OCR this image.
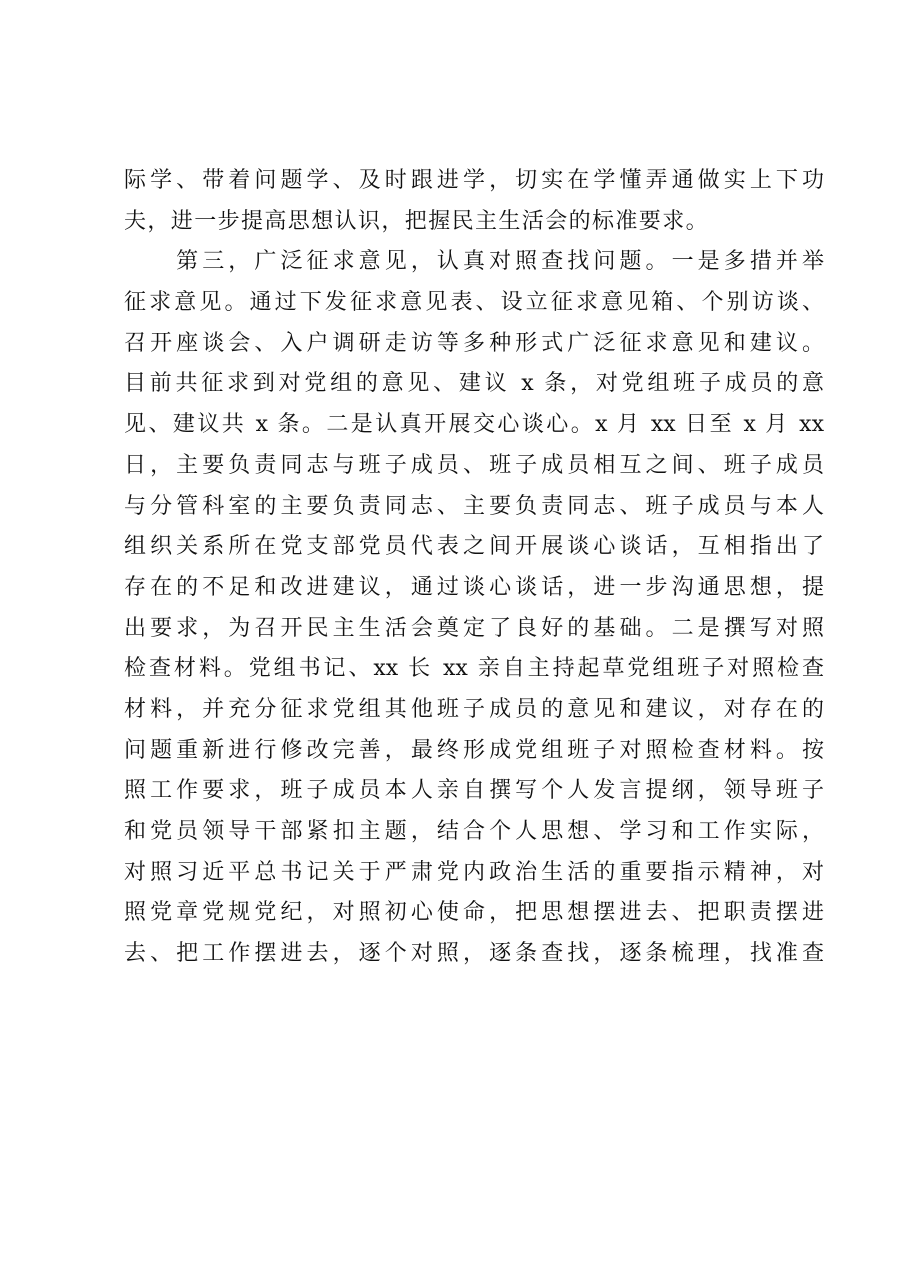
际学、带着问题学、及时跟进学，切实在学懂弄通做实上下功
夫，进一步提高思想认识，把握民主生活会的标准要求。
　　第三，广泛征求意见，认真对照查找问题。一是多措并举
征求意见。通过下发征求意见表、设立征求意见箱、个别访谈、
召开座谈会、入户调研走访等多种形式广泛征求意见和建议。
目前共征求到对党组的意见、建议 x 条，对党组班子成员的意
见、建议共 x 条。二是认真开展交心谈心。x 月 xx 日至 x 月 xx
日，主要负责同志与班子成员、班子成员相互之间、班子成员
与分管科室的主要负责同志、主要负责同志、班子成员与本人
组织关系所在党支部党员代表之间开展谈心谈话，互相指出了
存在的不足和改进建议，通过谈心谈话，进一步沟通思想，提
出要求，为召开民主生活会奠定了良好的基础。二是撰写对照
检查材料。党组书记、xx 长 xx 亲自主持起草党组班子对照检查
材料，并充分征求党组其他班子成员的意见和建议，对存在的
问题重新进行修改完善，最终形成党组班子对照检查材料。按
照工作要求，班子成员本人亲自撰写个人发言提纲，领导班子
和党员领导干部紧扣主题，结合个人思想、学习和工作实际，
对照习近平总书记关于严肃党内政治生活的重要指示精神，对
照党章党规党纪，对照初心使命，把思想摆进去、把职责摆进
去、把工作摆进去，逐个对照，逐条查找，逐条梳理，找准查
